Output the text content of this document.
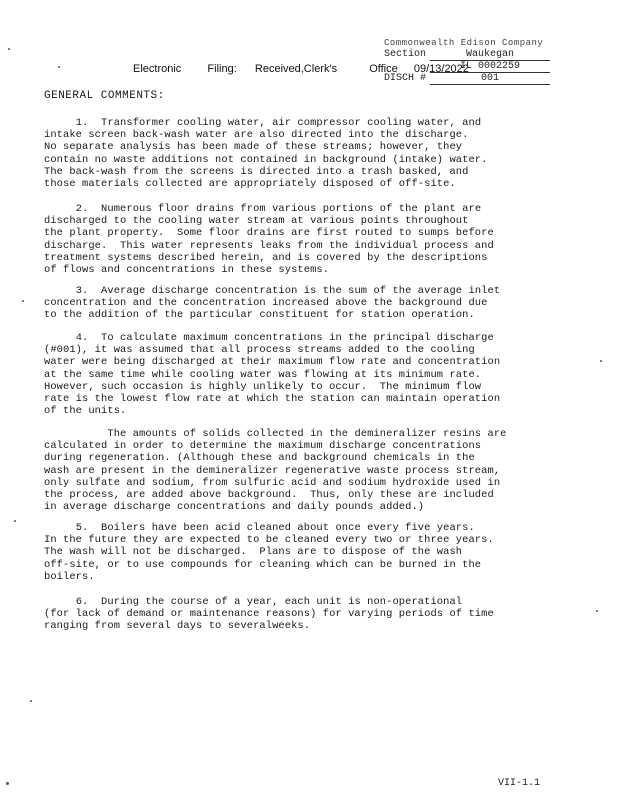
Electronic Filing: Received,Clerk's	Office 09/13/2022
Commonwealth Edison Company
Section	Waukegan
IL 0002259
DISCH #	001
GENERAL COMMENTS:

1.  Transformer cooling water, air compressor cooling water, and
intake screen back-wash water are also directed into the discharge.
No separate analysis has been made of these streams; however, they
contain no waste additions not contained in background (intake) water.
The back-wash from the screens is directed into a trash basked, and
those materials collected are appropriately disposed of off-site.

2.  Numerous floor drains from various portions of the plant are
discharged to the cooling water stream at various points throughout
the plant property.  Some floor drains are first routed to sumps before
discharge.  This water represents leaks from the individual process and
treatment systems described herein, and is covered by the descriptions
of flows and concentrations in these systems.

3.  Average discharge concentration is the sum of the average inlet
concentration and the concentration increased above the background due
to the addition of the particular constituent for station operation.

4.  To calculate maximum concentrations in the principal discharge
(#001), it was assumed that all process streams added to the cooling
water were being discharged at their maximum flow rate and concentration
at the same time while cooling water was flowing at its minimum rate.
However, such occasion is highly unlikely to occur.  The minimum flow
rate is the lowest flow rate at which the station can maintain operation
of the units.

The amounts of solids collected in the demineralizer resins are
calculated in order to determine the maximum discharge concentrations
during regeneration. (Although these and background chemicals in the
wash are present in the demineralizer regenerative waste process stream,
only sulfate and sodium, from sulfuric acid and sodium hydroxide used in
the process, are added above background.  Thus, only these are included
in average discharge concentrations and daily pounds added.)

5.  Boilers have been acid cleaned about once every five years.
In the future they are expected to be cleaned every two or three years.
The wash will not be discharged.  Plans are to dispose of the wash
off-site, or to use compounds for cleaning which can be burned in the
boilers.

6.  During the course of a year, each unit is non-operational
(for lack of demand or maintenance reasons) for varying periods of time
ranging from several days to severalweeks.

VII-1.1
